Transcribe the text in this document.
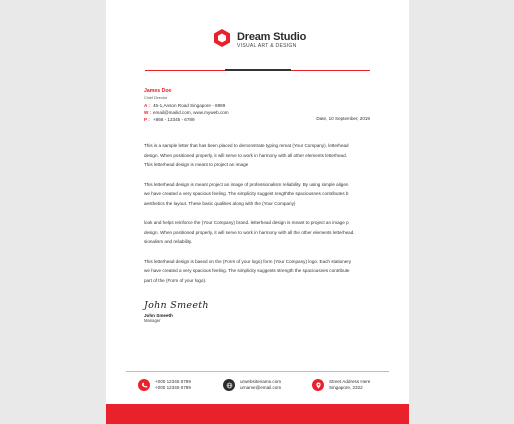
Dream Studio
VISUAL ART & DESIGN
James Doe
Chief Director
A : 45-1,Anson Road Singapore - 8989
W : email@mailid.com, www.myweb.com
P : +866 - 12345 - 6789	Date, 10 September, 2019
This is a sample letter that has been placed to demonstrate typing remat (Your Company). letterhead
design. When positioned properly, it will serve to work in harmony with all other elements letterhead.
This letterhead design is meant to project an image
This letterhead design is meant project an image of professionalism reliability. By using simple aligen
we have created a very spacious feeling. The simplicity suggest rengththe spaciousnes contributes b
aesthetics the layout. These basic qualities along with the (Your Company)
look and helps reinforce the (Your Company) brand. letterhead design is meant to project an image p
design. When positioned properly, it will serve to work in harmony with all the other elements letterhead.
sionalism and reliability.
This letterhead design is based on the (Form of your logo) form (Your Company) logo. Each stationery
we have created a very spacious feeling. The simplicity suggests strength the spaciousnes contribute
part of the (Form of your logo).
John Smeeth
John Smeeth
Manager
+000 12345 6789
+000 12345 6789
urwebsitename.com
urname@email.com
Street Address Here
Singapore, 2322
